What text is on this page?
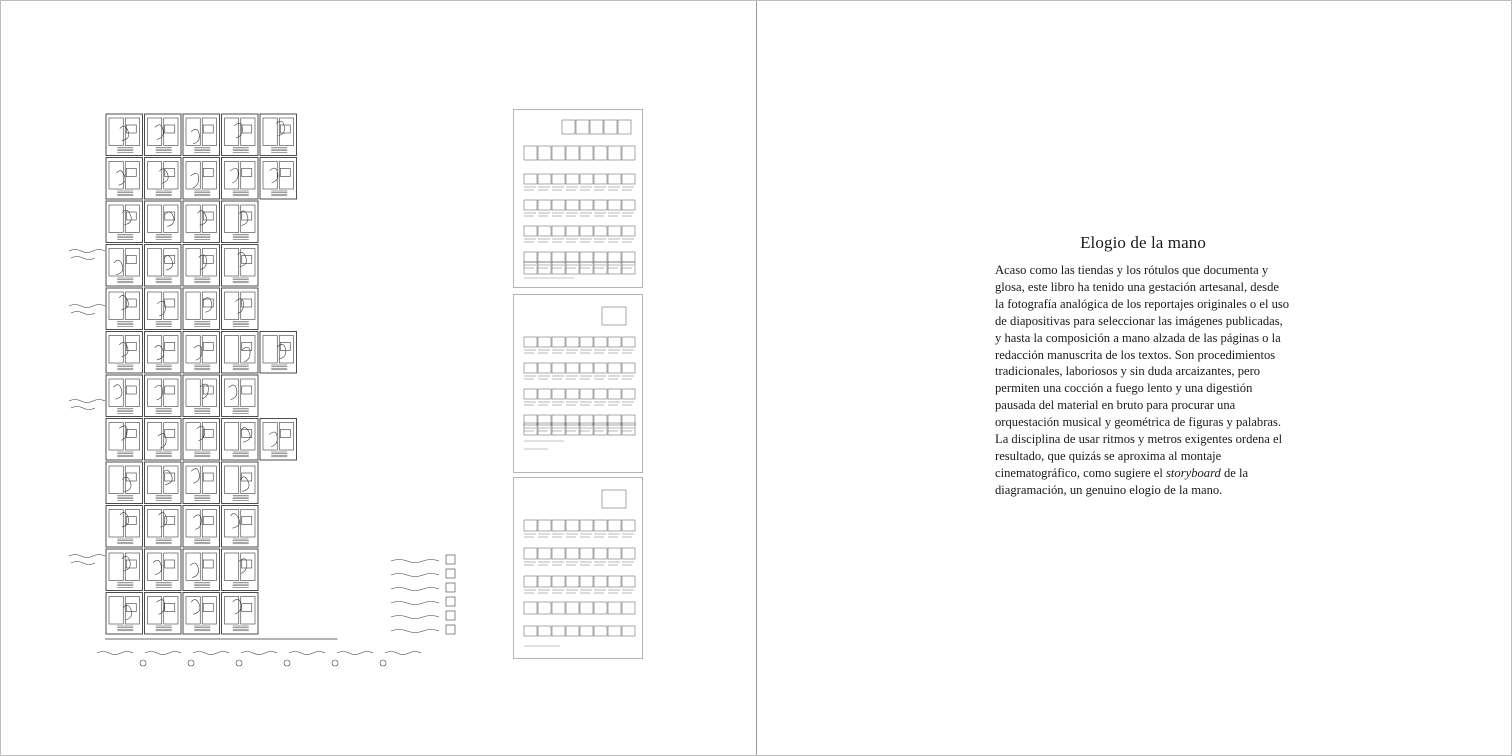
Elogio de la mano

Acaso como las tiendas y los rótulos que documenta y glosa, este libro ha tenido una gestación artesanal, desde la fotografía analógica de los reportajes originales o el uso de diapositivas para seleccionar las imágenes publicadas, y hasta la composición a mano alzada de las páginas o la redacción manuscrita de los textos. Son procedimientos tradicionales, laboriosos y sin duda arcaizantes, pero permiten una cocción a fuego lento y una digestión pausada del material en bruto para procurar una orquestación musical y geométrica de figuras y palabras. La disciplina de usar ritmos y metros exigentes ordena el resultado, que quizás se aproxima al montaje cinematográfico, como sugiere el storyboard de la diagramación, un genuino elogio de la mano.
